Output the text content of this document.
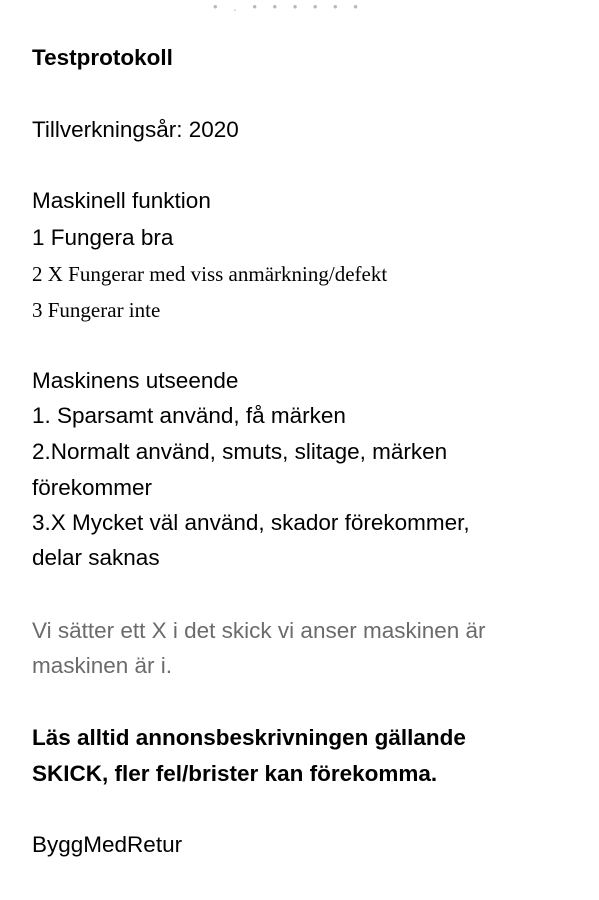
• . • • • • • •
Testprotokoll
Tillverkningsår: 2020
Maskinell funktion
1 Fungera bra
2 X Fungerar med viss anmärkning/defekt
3 Fungerar inte
Maskinens utseende
1. Sparsamt använd, få märken
2.Normalt använd, smuts, slitage, märken
förekommer
3.X Mycket väl använd, skador förekommer,
delar saknas
Vi sätter ett X i det skick vi anser maskinen är
maskinen är i.
Läs alltid annonsbeskrivningen gällande
SKICK, fler fel/brister kan förekomma.
ByggMedRetur
